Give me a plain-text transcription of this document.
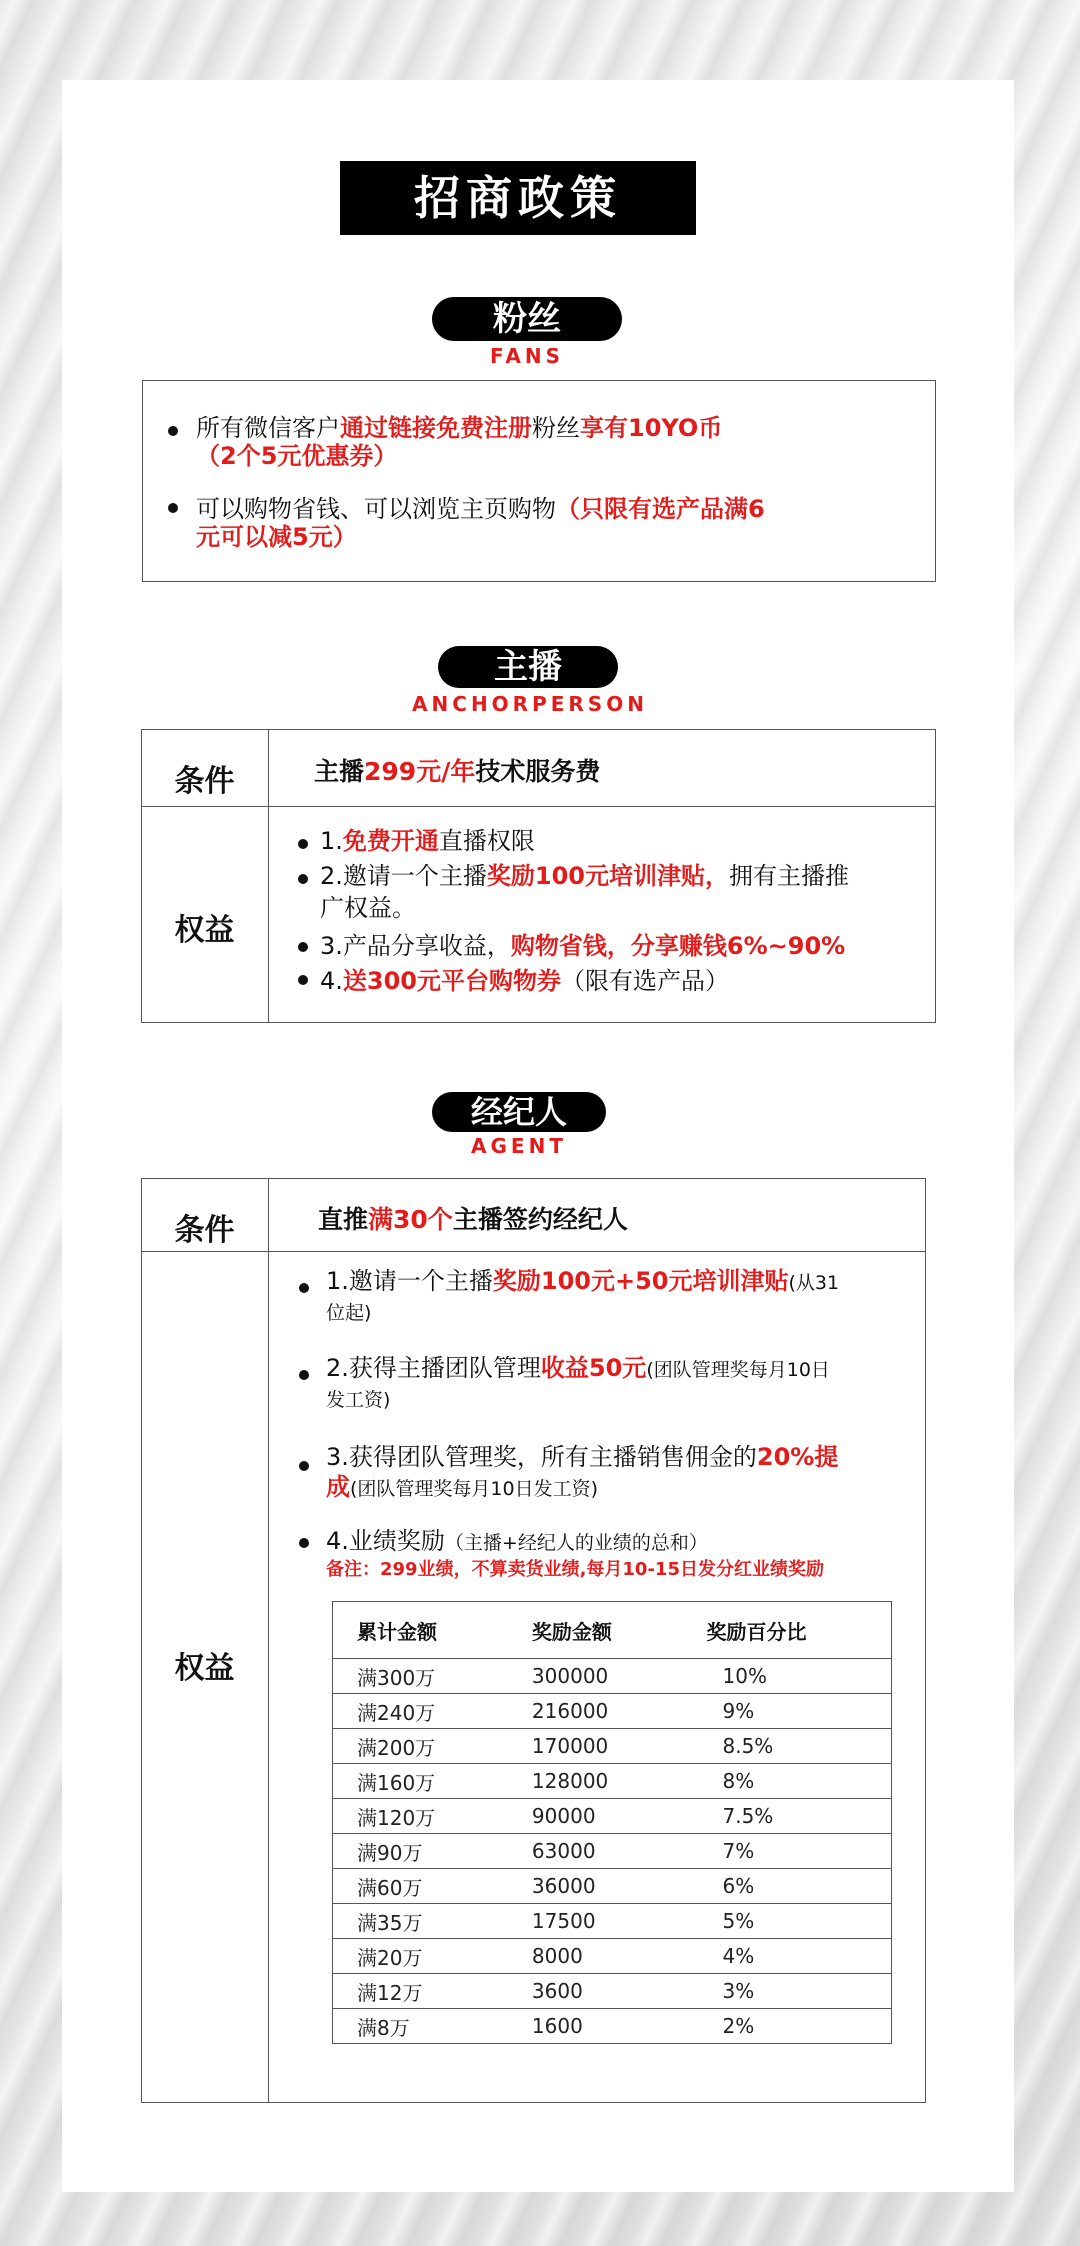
招商政策
粉丝
FANS
所有微信客户通过链接免费注册粉丝享有10YO币
（2个5元优惠券）
可以购物省钱、可以浏览主页购物（只限有选产品满6
元可以减5元）
主播
ANCHORPERSON
条件	主播299元/年技术服务费
权益
1.免费开通直播权限
2.邀请一个主播奖励100元培训津贴，拥有主播推
广权益。
3.产品分享收益，购物省钱，分享赚钱6%~90%
4.送300元平台购物券（限有选产品）
经纪人
AGENT
条件	直推满30个主播签约经纪人
权益
1.邀请一个主播奖励100元+50元培训津贴(从31
位起)
2.获得主播团队管理收益50元(团队管理奖每月10日
发工资)
3.获得团队管理奖，所有主播销售佣金的20%提
成(团队管理奖每月10日发工资)
4.业绩奖励（主播+经纪人的业绩的总和）
备注：299业绩，不算卖货业绩,每月10-15日发分红业绩奖励
累计金额	奖励金额	奖励百分比
满300万	300000	10%
满240万	216000	9%
满200万	170000	8.5%
满160万	128000	8%
满120万	90000	7.5%
满90万	63000	7%
满60万	36000	6%
满35万	17500	5%
满20万	8000	4%
满12万	3600	3%
满8万	1600	2%
